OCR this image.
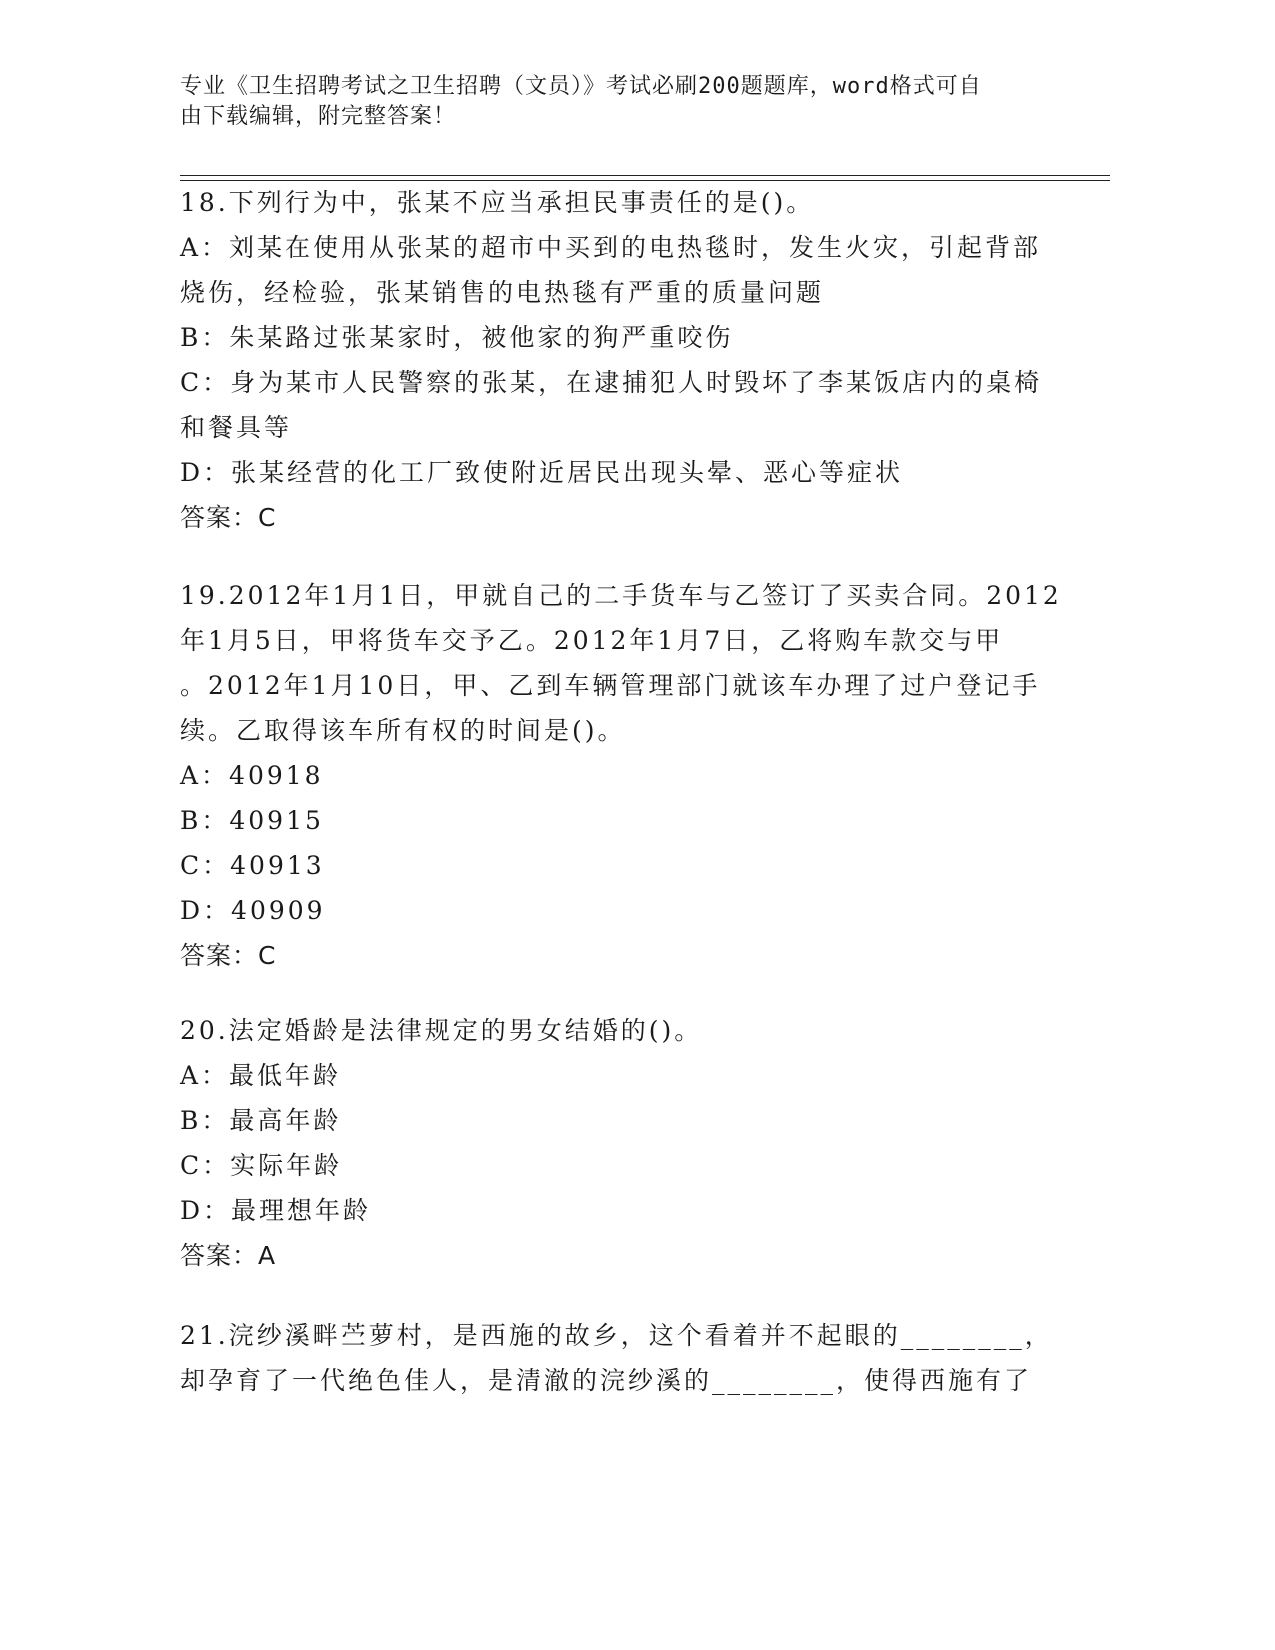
专业《卫生招聘考试之卫生招聘（文员）》考试必刷200题题库，word格式可自
由下载编辑，附完整答案！
18.下列行为中，张某不应当承担民事责任的是()。
A：刘某在使用从张某的超市中买到的电热毯时，发生火灾，引起背部
烧伤，经检验，张某销售的电热毯有严重的质量问题
B：朱某路过张某家时，被他家的狗严重咬伤
C：身为某市人民警察的张某，在逮捕犯人时毁坏了李某饭店内的桌椅
和餐具等
D：张某经营的化工厂致使附近居民出现头晕、恶心等症状
答案：C
19.2012年1月1日，甲就自己的二手货车与乙签订了买卖合同。2012
年1月5日，甲将货车交予乙。2012年1月7日，乙将购车款交与甲
。2012年1月10日，甲、乙到车辆管理部门就该车办理了过户登记手
续。乙取得该车所有权的时间是()。
A：40918
B：40915
C：40913
D：40909
答案：C
20.法定婚龄是法律规定的男女结婚的()。
A：最低年龄
B：最高年龄
C：实际年龄
D：最理想年龄
答案：A
21.浣纱溪畔苎萝村，是西施的故乡，这个看着并不起眼的________，
却孕育了一代绝色佳人，是清澈的浣纱溪的________，使得西施有了
